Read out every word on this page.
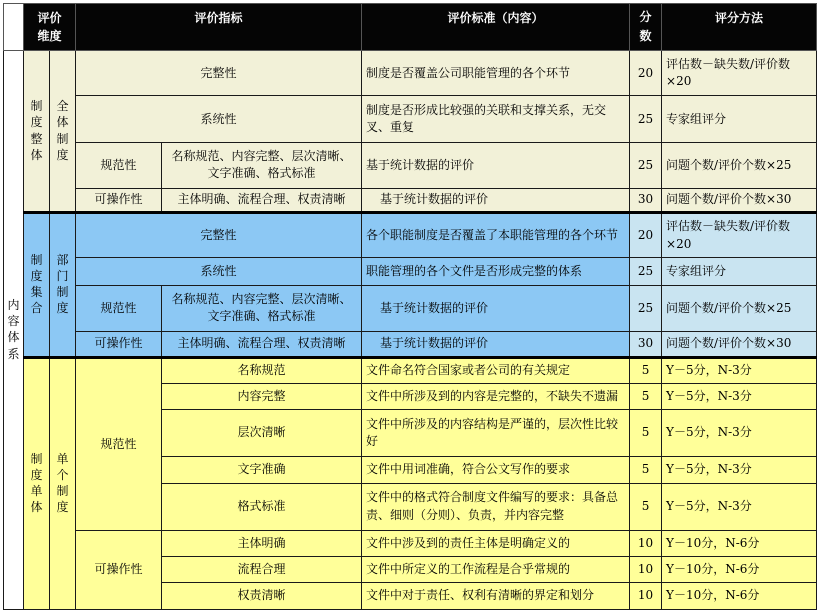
	评价维度		评价指标		评价标准（内容）	分数	评分方法
内容体系	制度整体	全体制度	完整性		制度是否覆盖公司职能管理的各个环节	20	评估数－缺失数/评价数×20
			系统性		制度是否形成比较强的关联和支撑关系，无交叉、重复	25	专家组评分
			规范性	名称规范、内容完整、层次清晰、文字准确、格式标准	基于统计数据的评价	25	问题个数/评价个数×25
			可操作性	主体明确、流程合理、权责清晰	基于统计数据的评价	30	问题个数/评价个数×30
	制度集合	部门制度	完整性		各个职能制度是否覆盖了本职能管理的各个环节	20	评估数－缺失数/评价数×20
			系统性		职能管理的各个文件是否形成完整的体系	25	专家组评分
			规范性	名称规范、内容完整、层次清晰、文字准确、格式标准	基于统计数据的评价	25	问题个数/评价个数×25
			可操作性	主体明确、流程合理、权责清晰	基于统计数据的评价	30	问题个数/评价个数×30
	制度单体	单个制度	规范性	名称规范	文件命名符合国家或者公司的有关规定	5	Y－5分，N-3分
				内容完整	文件中所涉及到的内容是完整的，不缺失不遗漏	5	Y－5分，N-3分
				层次清晰	文件中所涉及的内容结构是严谨的，层次性比较好	5	Y－5分，N-3分
				文字准确	文件中用词准确，符合公文写作的要求	5	Y－5分，N-3分
				格式标准	文件中的格式符合制度文件编写的要求：具备总责、细则（分则）、负责，并内容完整	5	Y－5分，N-3分
			可操作性	主体明确	文件中涉及到的责任主体是明确定义的	10	Y－10分，N-6分
				流程合理	文件中所定义的工作流程是合乎常规的	10	Y－10分，N-6分
				权责清晰	文件中对于责任、权利有清晰的界定和划分	10	Y－10分，N-6分
